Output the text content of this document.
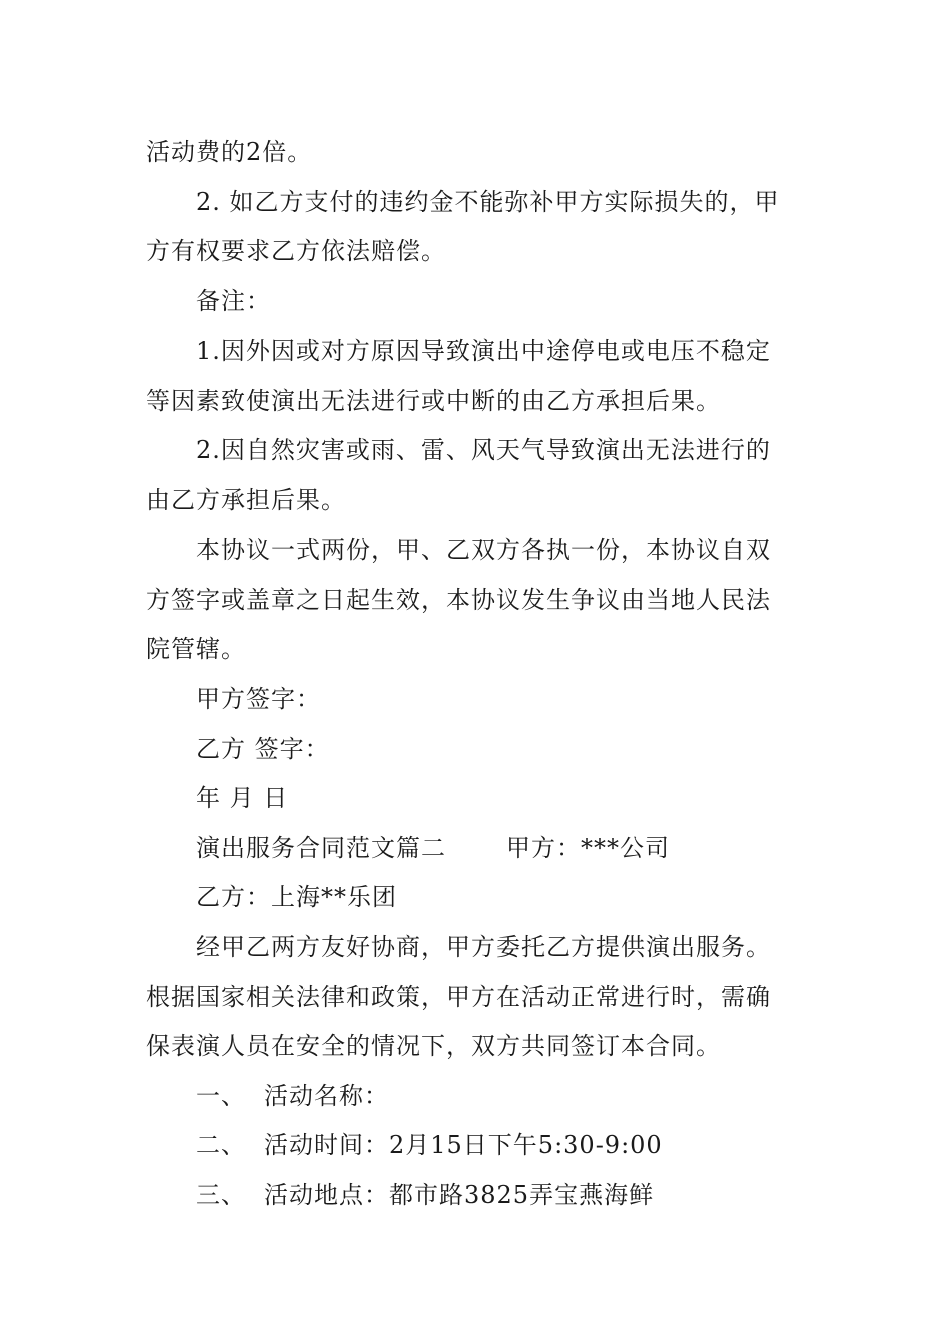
活动费的2倍。
2. 如乙方支付的违约金不能弥补甲方实际损失的，甲
方有权要求乙方依法赔偿。
备注：
1.因外因或对方原因导致演出中途停电或电压不稳定
等因素致使演出无法进行或中断的由乙方承担后果。
2.因自然灾害或雨、雷、风天气导致演出无法进行的
由乙方承担后果。
本协议一式两份，甲、乙双方各执一份，本协议自双
方签字或盖章之日起生效，本协议发生争议由当地人民法
院管辖。
甲方签字：
乙方 签字：
年 月 日
演出服务合同范文篇二	甲方：***公司
乙方：上海**乐团
经甲乙两方友好协商，甲方委托乙方提供演出服务。
根据国家相关法律和政策，甲方在活动正常进行时，需确
保表演人员在安全的情况下，双方共同签订本合同。
一、 活动名称：
二、 活动时间：2月15日下午5:30-9:00
三、 活动地点：都市路3825弄宝燕海鲜
